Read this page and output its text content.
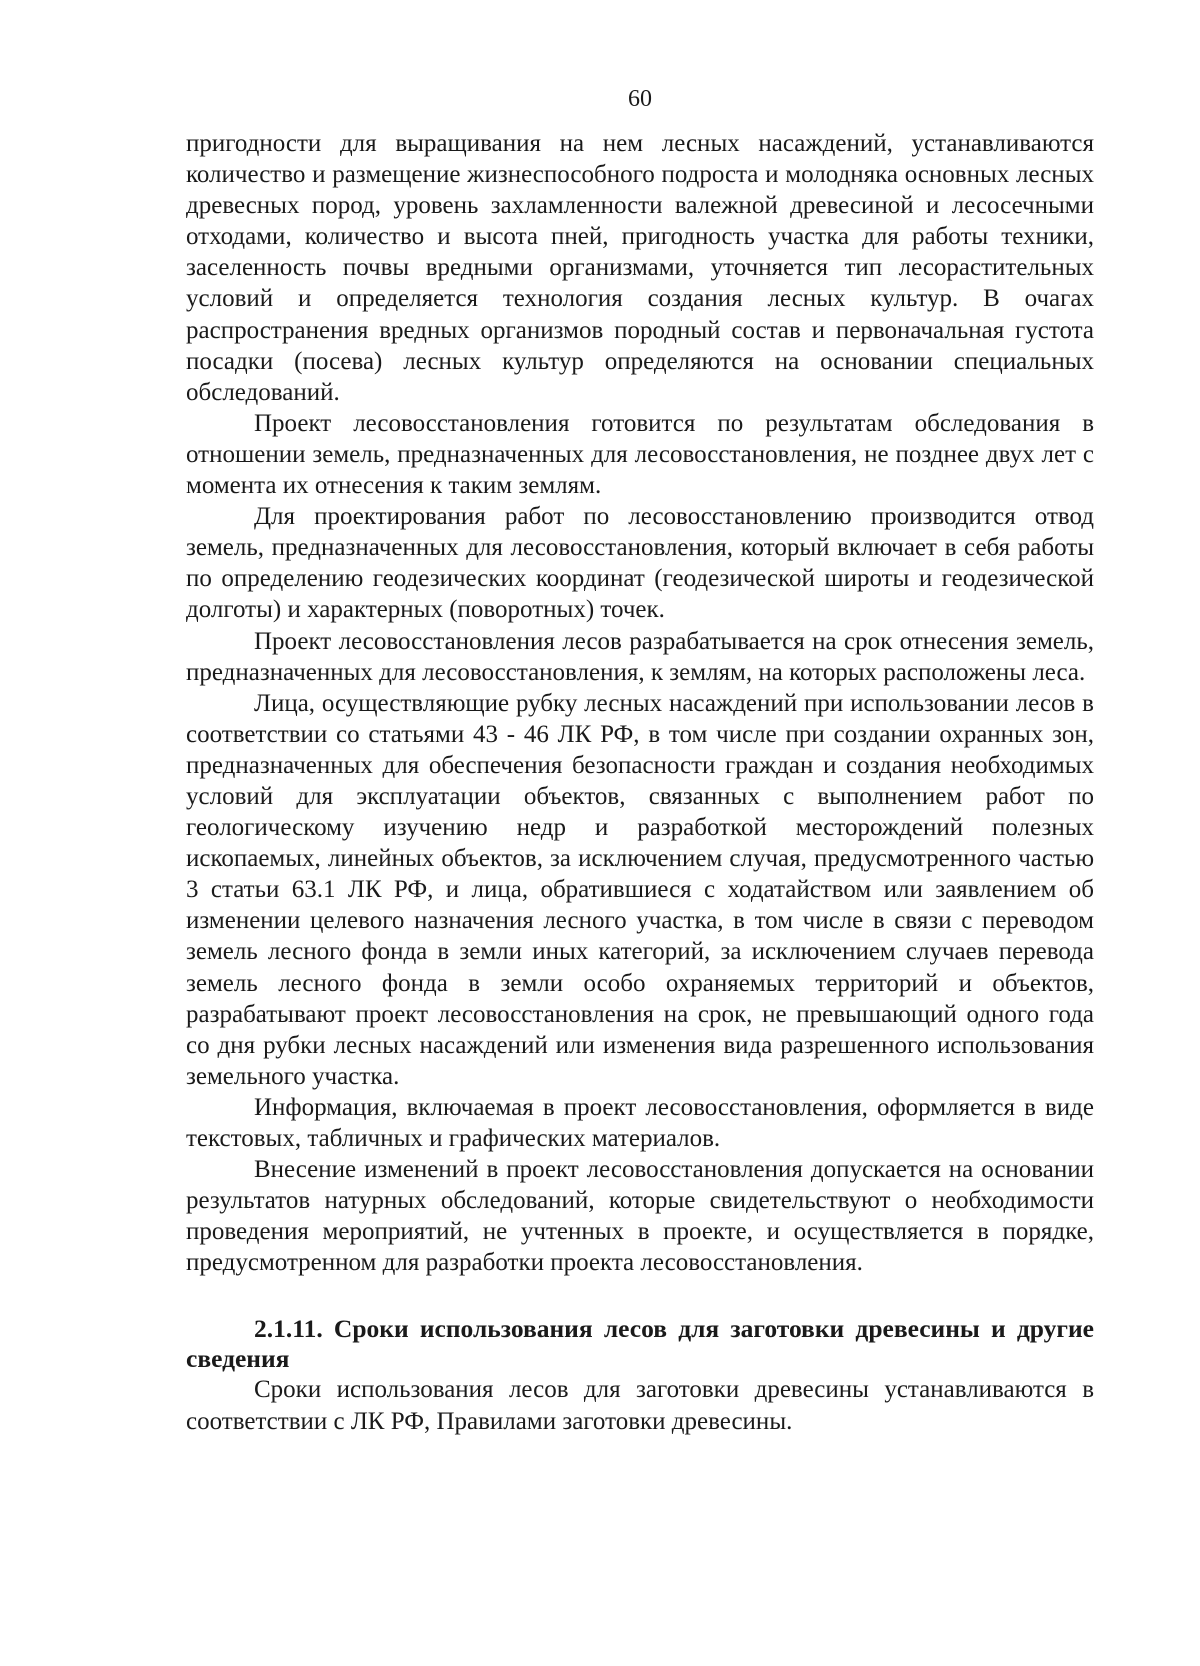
60

пригодности для выращивания на нем лесных насаждений, устанавливаются количество и размещение жизнеспособного подроста и молодняка основных лесных древесных пород, уровень захламленности валежной древесиной и лесосечными отходами, количество и высота пней, пригодность участка для работы техники, заселенность почвы вредными организмами, уточняется тип лесорастительных условий и определяется технология создания лесных культур. В очагах распространения вредных организмов породный состав и первоначальная густота посадки (посева) лесных культур определяются на основании специальных обследований.

Проект лесовосстановления готовится по результатам обследования в отношении земель, предназначенных для лесовосстановления, не позднее двух лет с момента их отнесения к таким землям.

Для проектирования работ по лесовосстановлению производится отвод земель, предназначенных для лесовосстановления, который включает в себя работы по определению геодезических координат (геодезической широты и геодезической долготы) и характерных (поворотных) точек.

Проект лесовосстановления лесов разрабатывается на срок отнесения земель, предназначенных для лесовосстановления, к землям, на которых расположены леса.

Лица, осуществляющие рубку лесных насаждений при использовании лесов в соответствии со статьями 43 - 46 ЛК РФ, в том числе при создании охранных зон, предназначенных для обеспечения безопасности граждан и создания необходимых условий для эксплуатации объектов, связанных с выполнением работ по геологическому изучению недр и разработкой месторождений полезных ископаемых, линейных объектов, за исключением случая, предусмотренного частью 3 статьи 63.1 ЛК РФ, и лица, обратившиеся с ходатайством или заявлением об изменении целевого назначения лесного участка, в том числе в связи с переводом земель лесного фонда в земли иных категорий, за исключением случаев перевода земель лесного фонда в земли особо охраняемых территорий и объектов, разрабатывают проект лесовосстановления на срок, не превышающий одного года со дня рубки лесных насаждений или изменения вида разрешенного использования земельного участка.

Информация, включаемая в проект лесовосстановления, оформляется в виде текстовых, табличных и графических материалов.

Внесение изменений в проект лесовосстановления допускается на основании результатов натурных обследований, которые свидетельствуют о необходимости проведения мероприятий, не учтенных в проекте, и осуществляется в порядке, предусмотренном для разработки проекта лесовосстановления.

2.1.11. Сроки использования лесов для заготовки древесины и другие сведения

Сроки использования лесов для заготовки древесины устанавливаются в соответствии с ЛК РФ, Правилами заготовки древесины.
